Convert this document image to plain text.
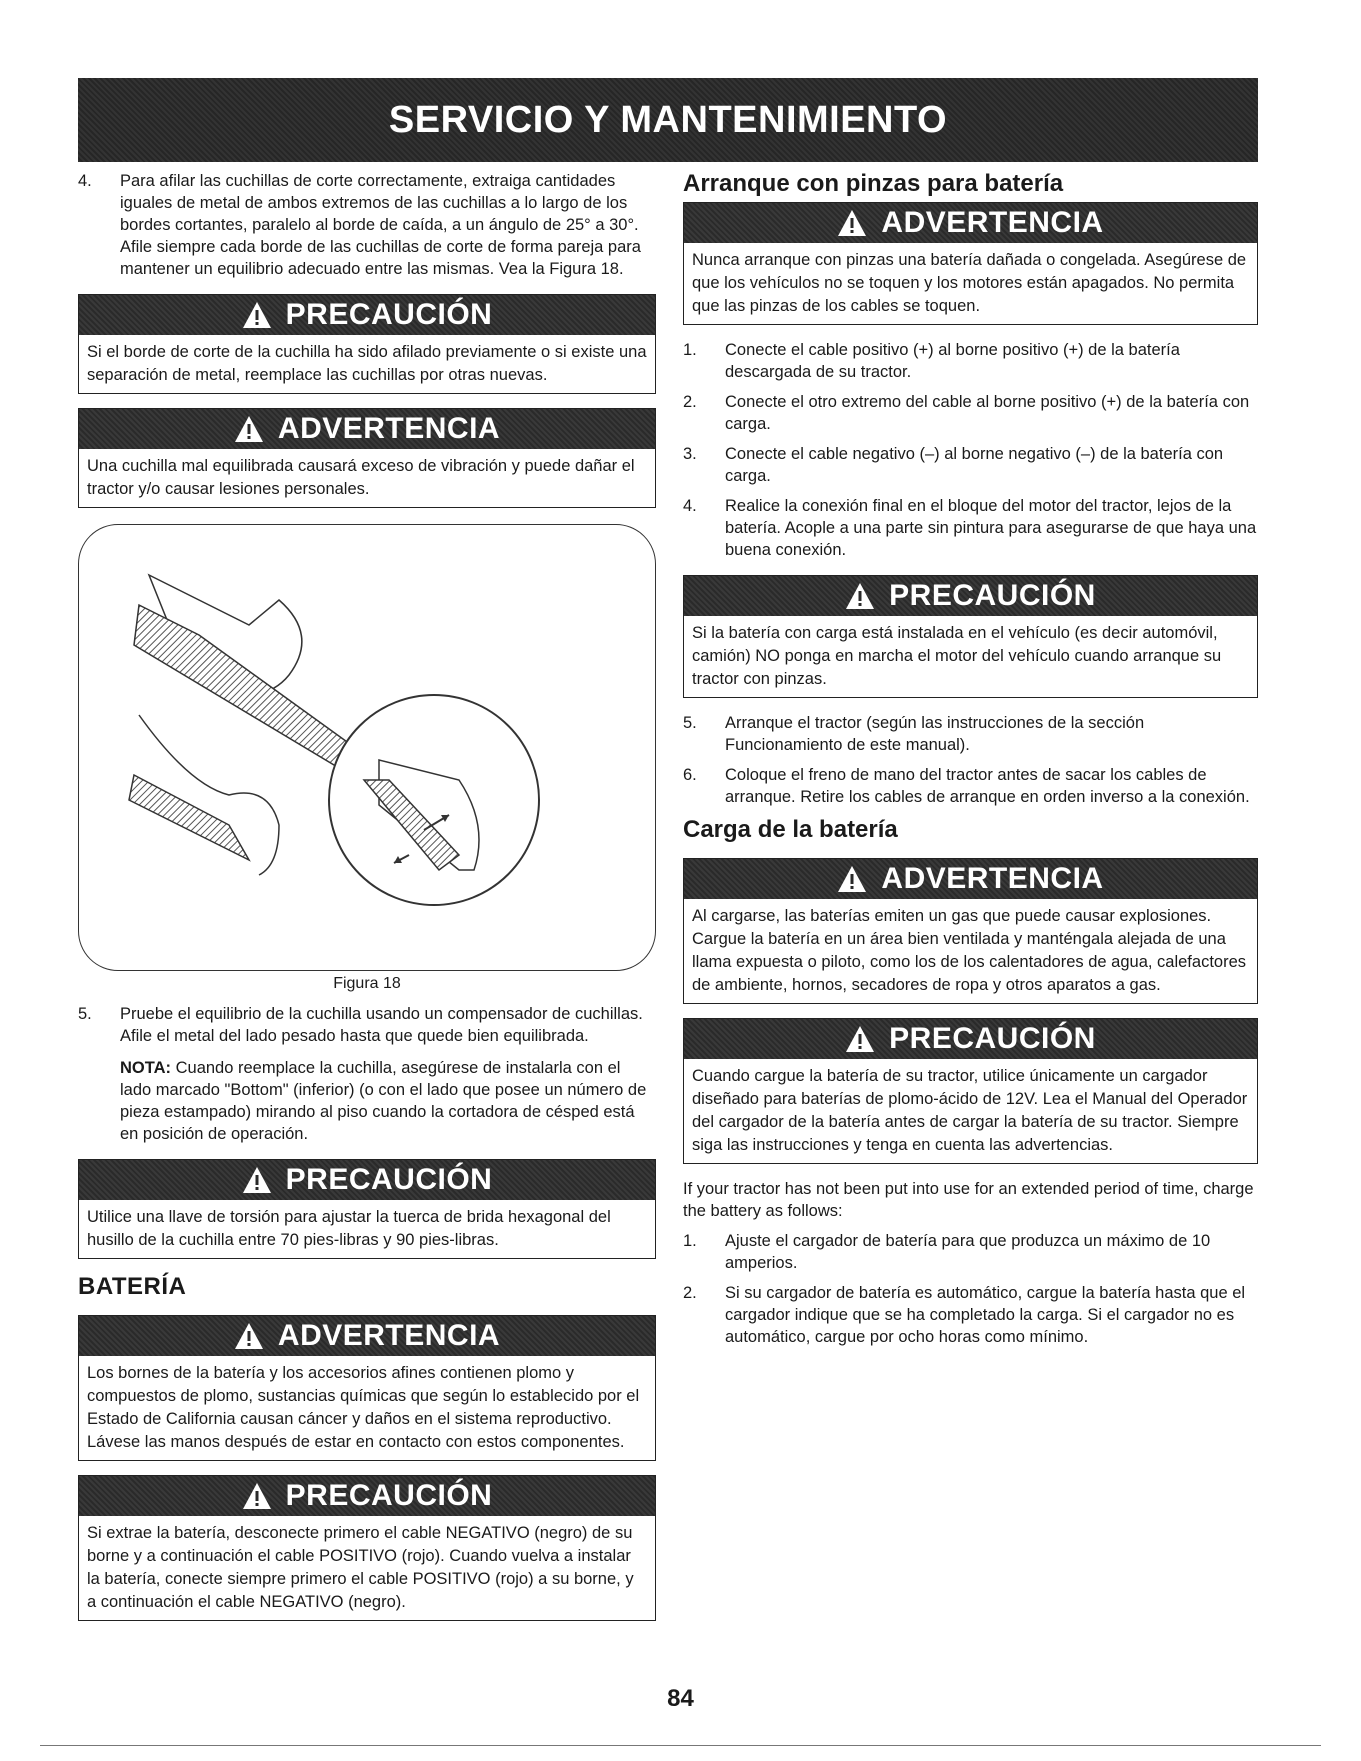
SERVICIO Y MANTENIMIENTO
4. Para afilar las cuchillas de corte correctamente, extraiga cantidades iguales de metal de ambos extremos de las cuchillas a lo largo de los bordes cortantes, paralelo al borde de caída, a un ángulo de 25° a 30°. Afile siempre cada borde de las cuchillas de corte de forma pareja para mantener un equilibrio adecuado entre las mismas. Vea la Figura 18.
PRECAUCIÓN
Si el borde de corte de la cuchilla ha sido afilado previamente o si existe una separación de metal, reemplace las cuchillas por otras nuevas.
ADVERTENCIA
Una cuchilla mal equilibrada causará exceso de vibración y puede dañar el tractor y/o causar lesiones personales.
Figura 18
5. Pruebe el equilibrio de la cuchilla usando un compensador de cuchillas. Afile el metal del lado pesado hasta que quede bien equilibrada.
NOTA: Cuando reemplace la cuchilla, asegúrese de instalarla con el lado marcado "Bottom" (inferior) (o con el lado que posee un número de pieza estampado) mirando al piso cuando la cortadora de césped está en posición de operación.
PRECAUCIÓN
Utilice una llave de torsión para ajustar la tuerca de brida hexagonal del husillo de la cuchilla entre 70 pies-libras y 90 pies-libras.
BATERÍA
ADVERTENCIA
Los bornes de la batería y los accesorios afines contienen plomo y compuestos de plomo, sustancias químicas que según lo establecido por el Estado de California causan cáncer y daños en el sistema reproductivo. Lávese las manos después de estar en contacto con estos componentes.
PRECAUCIÓN
Si extrae la batería, desconecte primero el cable NEGATIVO (negro) de su borne y a continuación el cable POSITIVO (rojo). Cuando vuelva a instalar la batería, conecte siempre primero el cable POSITIVO (rojo) a su borne, y a continuación el cable NEGATIVO (negro).
Arranque con pinzas para batería
ADVERTENCIA
Nunca arranque con pinzas una batería dañada o congelada. Asegúrese de que los vehículos no se toquen y los motores están apagados. No permita que las pinzas de los cables se toquen.
1. Conecte el cable positivo (+) al borne positivo (+) de la batería descargada de su tractor.
2. Conecte el otro extremo del cable al borne positivo (+) de la batería con carga.
3. Conecte el cable negativo (–) al borne negativo (–) de la batería con carga.
4. Realice la conexión final en el bloque del motor del tractor, lejos de la batería. Acople a una parte sin pintura para asegurarse de que haya una buena conexión.
PRECAUCIÓN
Si la batería con carga está instalada en el vehículo (es decir automóvil, camión) NO ponga en marcha el motor del vehículo cuando arranque su tractor con pinzas.
5. Arranque el tractor (según las instrucciones de la sección Funcionamiento de este manual).
6. Coloque el freno de mano del tractor antes de sacar los cables de arranque. Retire los cables de arranque en orden inverso a la conexión.
Carga de la batería
ADVERTENCIA
Al cargarse, las baterías emiten un gas que puede causar explosiones. Cargue la batería en un área bien ventilada y manténgala alejada de una llama expuesta o piloto, como los de los calentadores de agua, calefactores de ambiente, hornos, secadores de ropa y otros aparatos a gas.
PRECAUCIÓN
Cuando cargue la batería de su tractor, utilice únicamente un cargador diseñado para baterías de plomo-ácido de 12V. Lea el Manual del Operador del cargador de la batería antes de cargar la batería de su tractor. Siempre siga las instrucciones y tenga en cuenta las advertencias.
If your tractor has not been put into use for an extended period of time, charge the battery as follows:
1. Ajuste el cargador de batería para que produzca un máximo de 10 amperios.
2. Si su cargador de batería es automático, cargue la batería hasta que el cargador indique que se ha completado la carga. Si el cargador no es automático, cargue por ocho horas como mínimo.
84
